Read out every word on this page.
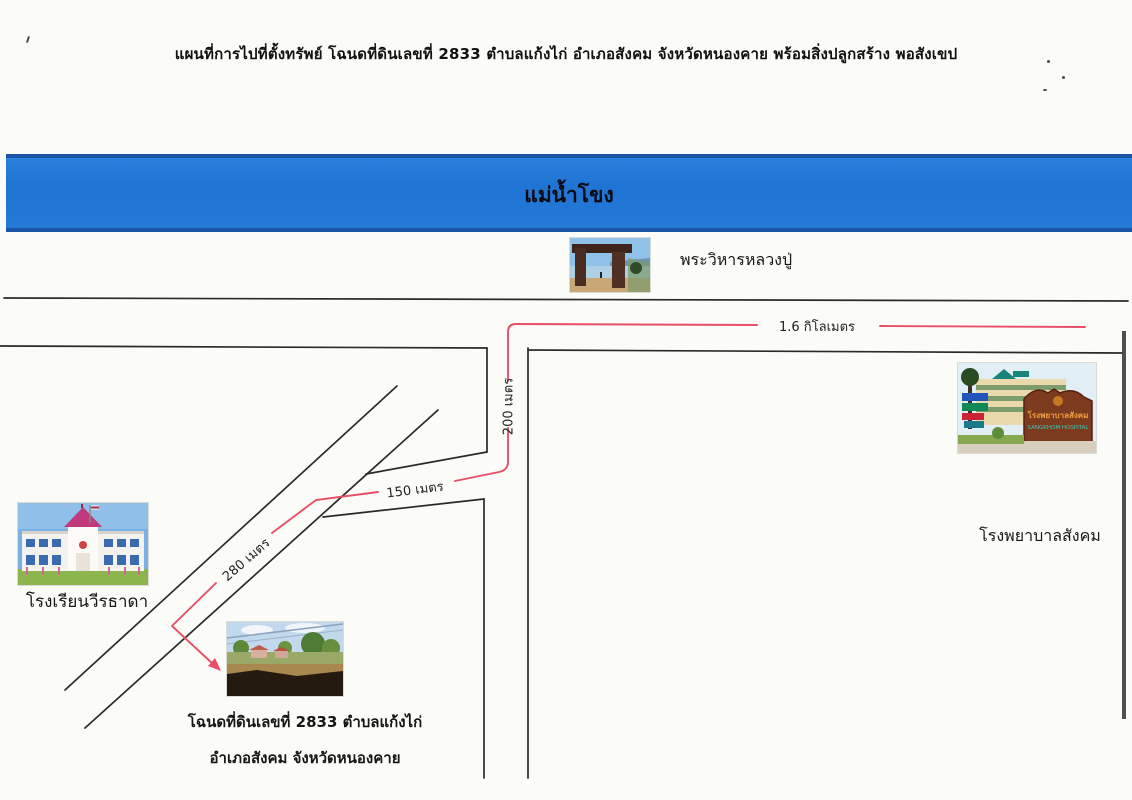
แผนที่การไปที่ตั้งทรัพย์ โฉนดที่ดินเลขที่ 2833 ตำบลแก้งไก่ อำเภอสังคม จังหวัดหนองคาย พร้อมสิ่งปลูกสร้าง พอสังเขป
แม่น้ำโขง
1.6 กิโลเมตร
200 เมตร
150 เมตร
280 เมตร
พระวิหารหลวงปู่
โรงพยาบาลสังคม
SANGKHOM HOSPITAL
โรงพยาบาลสังคม
โรงเรียนวีรธาดา
โฉนดที่ดินเลขที่ 2833 ตำบลแก้งไก่
อำเภอสังคม จังหวัดหนองคาย
